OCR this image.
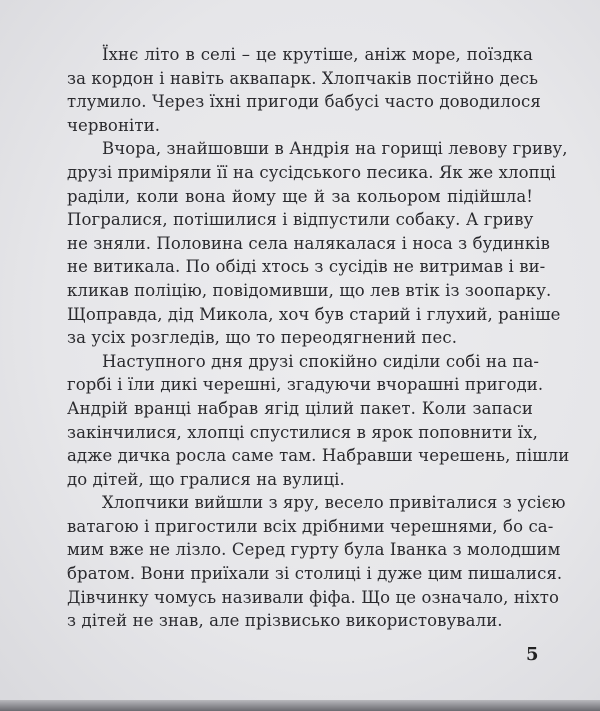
Їхнє літо в селі – це крутіше, аніж море, поїздка
за кордон і навіть аквапарк. Хлопчаків постійно десь
тлумило. Через їхні пригоди бабусі часто доводилося
червоніти.
Вчора, знайшовши в Андрія на горищі левову гриву,
друзі приміряли її на сусідського песика. Як же хлопці
раділи, коли вона йому ще й за кольором підійшла!
Погралися, потішилися і відпустили собаку. А гриву
не зняли. Половина села налякалася і носа з будинків
не витикала. По обіді хтось з сусідів не витримав і ви-
кликав поліцію, повідомивши, що лев втік із зоопарку.
Щоправда, дід Микола, хоч був старий і глухий, раніше
за усіх розгледів, що то переодягнений пес.
Наступного дня друзі спокійно сиділи собі на па-
горбі і їли дикі черешні, згадуючи вчорашні пригоди.
Андрій вранці набрав ягід цілий пакет. Коли запаси
закінчилися, хлопці спустилися в ярок поповнити їх,
адже дичка росла саме там. Набравши черешень, пішли
до дітей, що гралися на вулиці.
Хлопчики вийшли з яру, весело привіталися з усією
ватагою і пригостили всіх дрібними черешнями, бо са-
мим вже не лізло. Серед гурту була Іванка з молодшим
братом. Вони приїхали зі столиці і дуже цим пишалися.
Дівчинку чомусь називали фіфа. Що це означало, ніхто
з дітей не знав, але прізвисько використовували.
5
